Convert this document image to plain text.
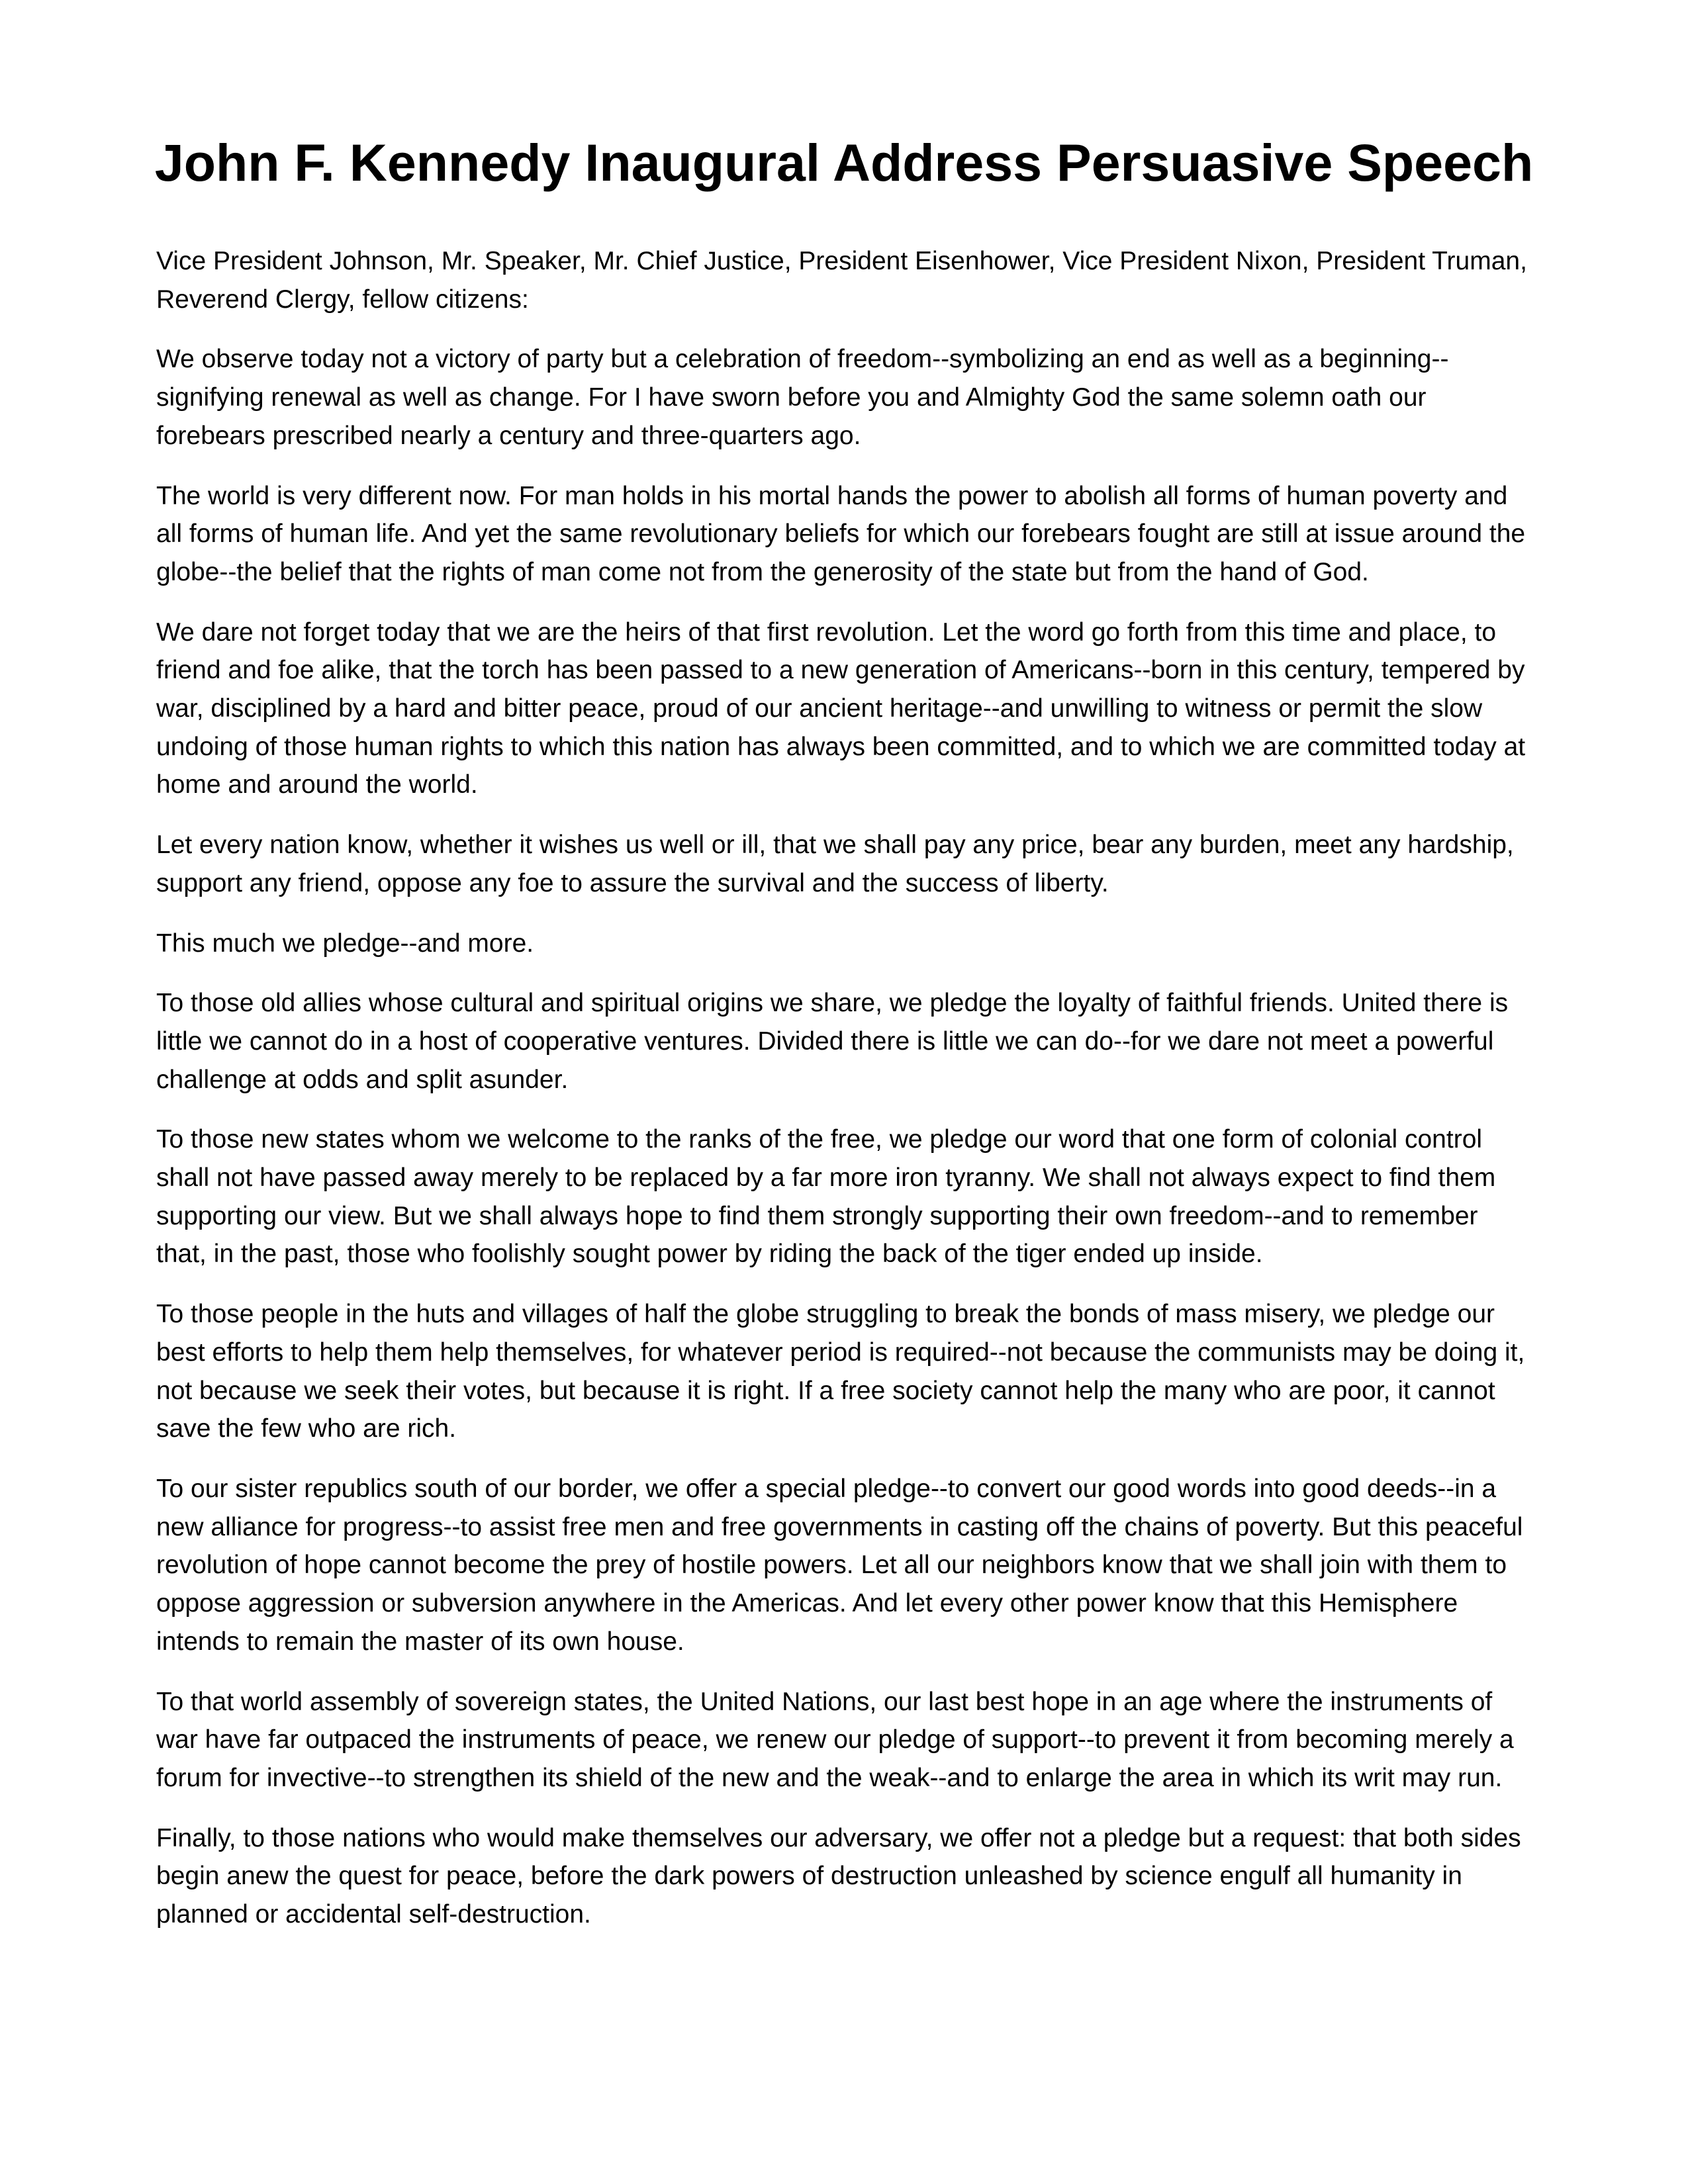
John F. Kennedy Inaugural Address Persuasive Speech

Vice President Johnson, Mr. Speaker, Mr. Chief Justice, President Eisenhower, Vice President Nixon, President Truman, Reverend Clergy, fellow citizens:

We observe today not a victory of party but a celebration of freedom--symbolizing an end as well as a beginning--signifying renewal as well as change. For I have sworn before you and Almighty God the same solemn oath our forebears prescribed nearly a century and three-quarters ago.

The world is very different now. For man holds in his mortal hands the power to abolish all forms of human poverty and all forms of human life. And yet the same revolutionary beliefs for which our forebears fought are still at issue around the globe--the belief that the rights of man come not from the generosity of the state but from the hand of God.

We dare not forget today that we are the heirs of that first revolution. Let the word go forth from this time and place, to friend and foe alike, that the torch has been passed to a new generation of Americans--born in this century, tempered by war, disciplined by a hard and bitter peace, proud of our ancient heritage--and unwilling to witness or permit the slow undoing of those human rights to which this nation has always been committed, and to which we are committed today at home and around the world.

Let every nation know, whether it wishes us well or ill, that we shall pay any price, bear any burden, meet any hardship, support any friend, oppose any foe to assure the survival and the success of liberty.

This much we pledge--and more.

To those old allies whose cultural and spiritual origins we share, we pledge the loyalty of faithful friends. United there is little we cannot do in a host of cooperative ventures. Divided there is little we can do--for we dare not meet a powerful challenge at odds and split asunder.

To those new states whom we welcome to the ranks of the free, we pledge our word that one form of colonial control shall not have passed away merely to be replaced by a far more iron tyranny. We shall not always expect to find them supporting our view. But we shall always hope to find them strongly supporting their own freedom--and to remember that, in the past, those who foolishly sought power by riding the back of the tiger ended up inside.

To those people in the huts and villages of half the globe struggling to break the bonds of mass misery, we pledge our best efforts to help them help themselves, for whatever period is required--not because the communists may be doing it, not because we seek their votes, but because it is right. If a free society cannot help the many who are poor, it cannot save the few who are rich.

To our sister republics south of our border, we offer a special pledge--to convert our good words into good deeds--in a new alliance for progress--to assist free men and free governments in casting off the chains of poverty. But this peaceful revolution of hope cannot become the prey of hostile powers. Let all our neighbors know that we shall join with them to oppose aggression or subversion anywhere in the Americas. And let every other power know that this Hemisphere intends to remain the master of its own house.

To that world assembly of sovereign states, the United Nations, our last best hope in an age where the instruments of war have far outpaced the instruments of peace, we renew our pledge of support--to prevent it from becoming merely a forum for invective--to strengthen its shield of the new and the weak--and to enlarge the area in which its writ may run.

Finally, to those nations who would make themselves our adversary, we offer not a pledge but a request: that both sides begin anew the quest for peace, before the dark powers of destruction unleashed by science engulf all humanity in planned or accidental self-destruction.
